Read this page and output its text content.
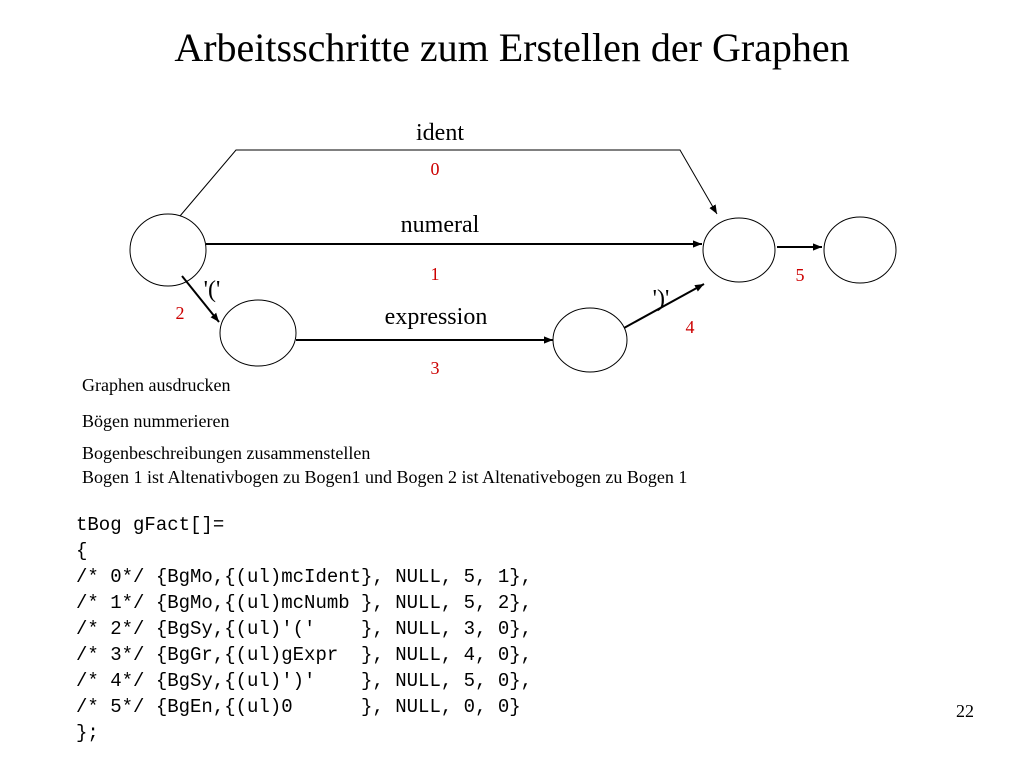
Arbeitsschritte zum Erstellen der Graphen
ident
numeral
'('
expression
')'
0
1
2
3
4
5
Graphen ausdrucken
Bögen nummerieren
Bogenbeschreibungen zusammenstellen
Bogen 1 ist Altenativbogen zu Bogen1 und Bogen 2 ist Altenativebogen zu Bogen 1
tBog gFact[]=
{
/* 0*/ {BgMo,{(ul)mcIdent}, NULL, 5, 1},
/* 1*/ {BgMo,{(ul)mcNumb }, NULL, 5, 2},
/* 2*/ {BgSy,{(ul)'('    }, NULL, 3, 0},
/* 3*/ {BgGr,{(ul)gExpr  }, NULL, 4, 0},
/* 4*/ {BgSy,{(ul)')'    }, NULL, 5, 0},
/* 5*/ {BgEn,{(ul)0      }, NULL, 0, 0}
};
22
